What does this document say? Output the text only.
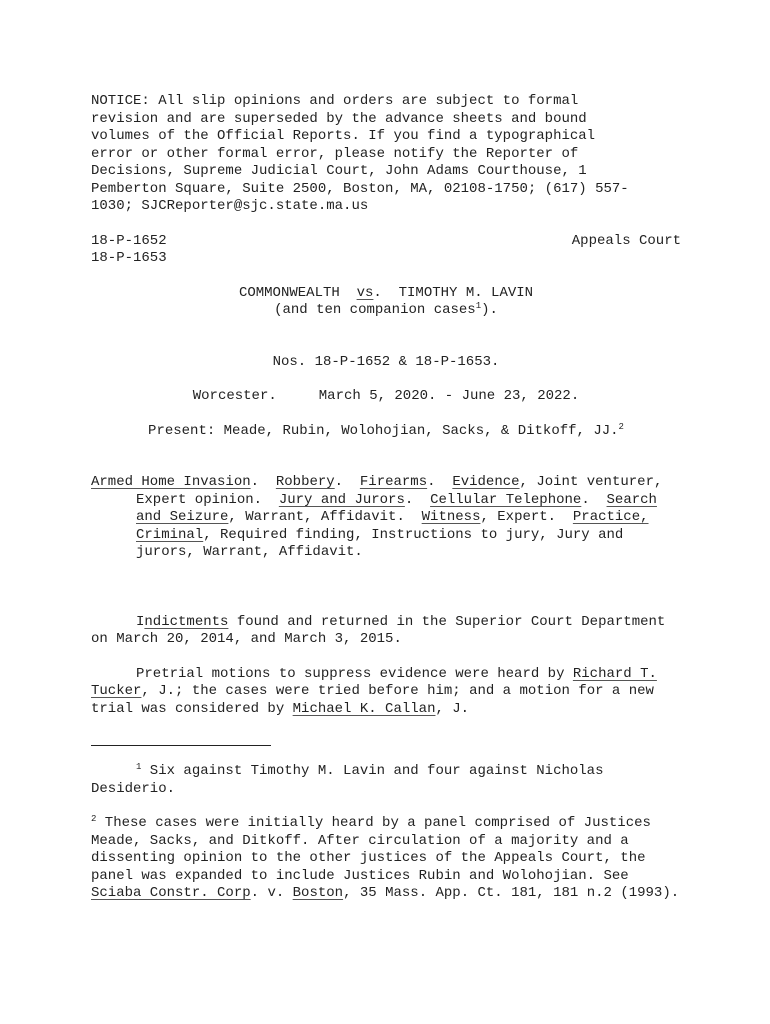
NOTICE: All slip opinions and orders are subject to formal
revision and are superseded by the advance sheets and bound
volumes of the Official Reports. If you find a typographical
error or other formal error, please notify the Reporter of
Decisions, Supreme Judicial Court, John Adams Courthouse, 1
Pemberton Square, Suite 2500, Boston, MA, 02108-1750; (617) 557-
1030; SJCReporter@sjc.state.ma.us

18-P-1652
18-P-1653
Appeals Court
COMMONWEALTH vs.  TIMOTHY M. LAVIN
(and ten companion cases$^1$).
Nos. 18-P-1652 & 18-P-1653.
Worcester.	March 5, 2020. - June 23, 2022.
Present: Meade, Rubin, Wolohojian, Sacks, & Ditkoff, JJ.$^2$
Armed Home Invasion.  Robbery.  Firearms.  Evidence, Joint venturer, Expert opinion.  Jury and Jurors.  Cellular Telephone.  Search and Seizure, Warrant, Affidavit.  Witness, Expert.  Practice, Criminal, Required finding, Instructions to jury, Jury and jurors, Warrant, Affidavit.

Indictments found and returned in the Superior Court Department on March 20, 2014, and March 3, 2015.

Pretrial motions to suppress evidence were heard by Richard T. Tucker, J.; the cases were tried before him; and a motion for a new trial was considered by Michael K. Callan, J.

$^1$ Six against Timothy M. Lavin and four against Nicholas Desiderio.

$^2$ These cases were initially heard by a panel comprised of Justices Meade, Sacks, and Ditkoff. After circulation of a majority and a dissenting opinion to the other justices of the Appeals Court, the panel was expanded to include Justices Rubin and Wolohojian. See Sciaba Constr. Corp. v. Boston, 35 Mass. App. Ct. 181, 181 n.2 (1993).
